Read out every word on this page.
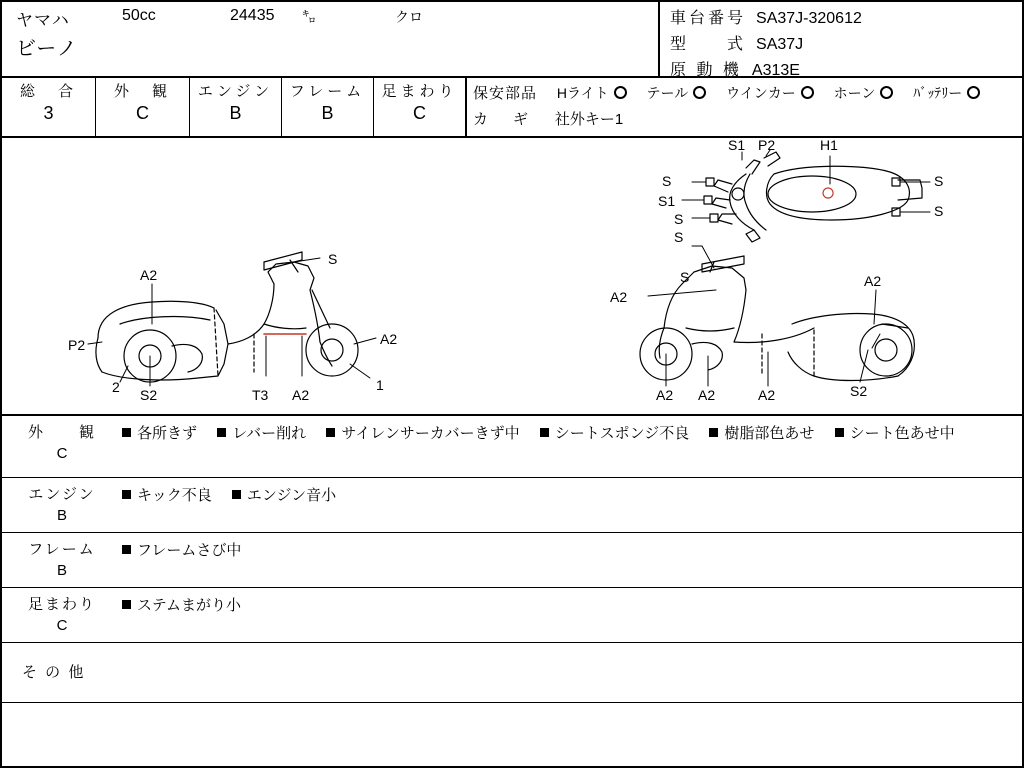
ヤマハ
ビーノ
50cc	24435 ㌔	クロ	車台番号 SA37J-320612
型　　式 SA37J
原 動 機 A313E
総　合
3
外　観
C
エンジン
B
フレーム
B
足まわり
C
保安部品 Hライト	テール	ウインカー	ホーン	ﾊﾞｯﾃﾘー
カ　ギ 社外キー1
S1 P2	H1
S
S
S1
S
S
S
A2
S
P2
2 S2	T3 A2
A2
1
S
A2
A2
A2 A2	A2	S2
外　　観
C
各所きず レバー削れ サイレンサーカバーきず中 シートスポンジ不良 樹脂部色あせ シート色あせ中
エンジン
B
キック不良 エンジン音小
フレーム
B
フレームさび中
足まわり
C
ステムまがり小
そ の 他
